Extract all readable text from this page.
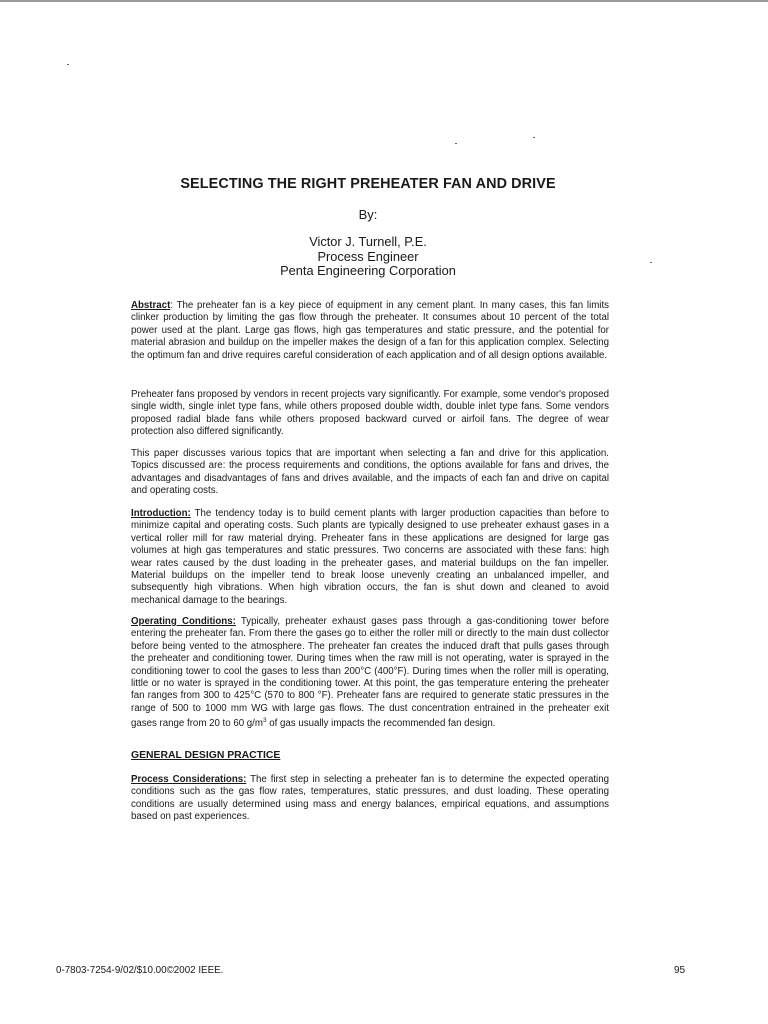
SELECTING THE RIGHT PREHEATER FAN AND DRIVE
By:
Victor J. Turnell, P.E.
Process Engineer
Penta Engineering Corporation

Abstract: The preheater fan is a key piece of equipment in any cement plant. In many cases, this fan limits clinker production by limiting the gas flow through the preheater. It consumes about 10 percent of the total power used at the plant. Large gas flows, high gas temperatures and static pressure, and the potential for material abrasion and buildup on the impeller makes the design of a fan for this application complex. Selecting the optimum fan and drive requires careful consideration of each application and of all design options available.

Preheater fans proposed by vendors in recent projects vary significantly. For example, some vendor's proposed single width, single inlet type fans, while others proposed double width, double inlet type fans. Some vendors proposed radial blade fans while others proposed backward curved or airfoil fans. The degree of wear protection also differed significantly.

This paper discusses various topics that are important when selecting a fan and drive for this application. Topics discussed are: the process requirements and conditions, the options available for fans and drives, the advantages and disadvantages of fans and drives available, and the impacts of each fan and drive on capital and operating costs.

Introduction: The tendency today is to build cement plants with larger production capacities than before to minimize capital and operating costs. Such plants are typically designed to use preheater exhaust gases in a vertical roller mill for raw material drying. Preheater fans in these applications are designed for large gas volumes at high gas temperatures and static pressures. Two concerns are associated with these fans: high wear rates caused by the dust loading in the preheater gases, and material buildups on the fan impeller. Material buildups on the impeller tend to break loose unevenly creating an unbalanced impeller, and subsequently high vibrations. When high vibration occurs, the fan is shut down and cleaned to avoid mechanical damage to the bearings.

Operating Conditions: Typically, preheater exhaust gases pass through a gas-conditioning tower before entering the preheater fan. From there the gases go to either the roller mill or directly to the main dust collector before being vented to the atmosphere. The preheater fan creates the induced draft that pulls gases through the preheater and conditioning tower. During times when the raw mill is not operating, water is sprayed in the conditioning tower to cool the gases to less than 200°C (400°F). During times when the roller mill is operating, little or no water is sprayed in the conditioning tower. At this point, the gas temperature entering the preheater fan ranges from 300 to 425°C (570 to 800 °F). Preheater fans are required to generate static pressures in the range of 500 to 1000 mm WG with large gas flows. The dust concentration entrained in the preheater exit gases range from 20 to 60 $g/m^3$ of gas usually impacts the recommended fan design.

GENERAL DESIGN PRACTICE

Process Considerations: The first step in selecting a preheater fan is to determine the expected operating conditions such as the gas flow rates, temperatures, static pressures, and dust loading. These operating conditions are usually determined using mass and energy balances, empirical equations, and assumptions based on past experiences.

0-7803-7254-9/02/$10.00©2002 IEEE.	95
